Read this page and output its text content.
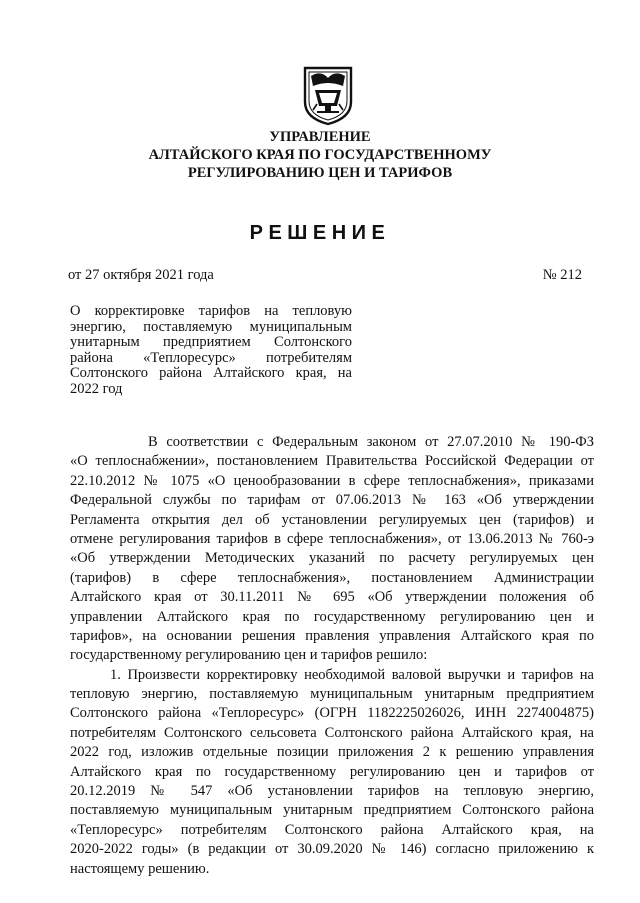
УПРАВЛЕНИЕ
АЛТАЙСКОГО КРАЯ ПО ГОСУДАРСТВЕННОМУ
РЕГУЛИРОВАНИЮ ЦЕН И ТАРИФОВ
РЕШЕНИЕ
от 27 октября 2021 года	№ 212
О корректировке тарифов на тепловую
энергию, поставляемую муниципальным
унитарным предприятием Солтонского
района «Теплоресурс» потребителям
Солтонского района Алтайского края, на
2022 год
В соответствии с Федеральным законом от 27.07.2010 № 190-ФЗ
«О теплоснабжении», постановлением Правительства Российской Федерации от
22.10.2012 № 1075 «О ценообразовании в сфере теплоснабжения», приказами
Федеральной службы по тарифам от 07.06.2013 № 163 «Об утверждении
Регламента открытия дел об установлении регулируемых цен (тарифов) и
отмене регулирования тарифов в сфере теплоснабжения», от 13.06.2013 № 760-э
«Об утверждении Методических указаний по расчету регулируемых цен
(тарифов) в сфере теплоснабжения», постановлением Администрации
Алтайского края от 30.11.2011 № 695 «Об утверждении положения об
управлении Алтайского края по государственному регулированию цен и
тарифов», на основании решения правления управления Алтайского края по
государственному регулированию цен и тарифов решило:
1. Произвести корректировку необходимой валовой выручки и тарифов на
тепловую энергию, поставляемую муниципальным унитарным предприятием
Солтонского района «Теплоресурс» (ОГРН 1182225026026, ИНН 2274004875)
потребителям Солтонского сельсовета Солтонского района Алтайского края, на
2022 год, изложив отдельные позиции приложения 2 к решению управления
Алтайского края по государственному регулированию цен и тарифов от
20.12.2019 № 547 «Об установлении тарифов на тепловую энергию,
поставляемую муниципальным унитарным предприятием Солтонского района
«Теплоресурс» потребителям Солтонского района Алтайского края, на
2020-2022 годы» (в редакции от 30.09.2020 № 146) согласно приложению к
настоящему решению.
